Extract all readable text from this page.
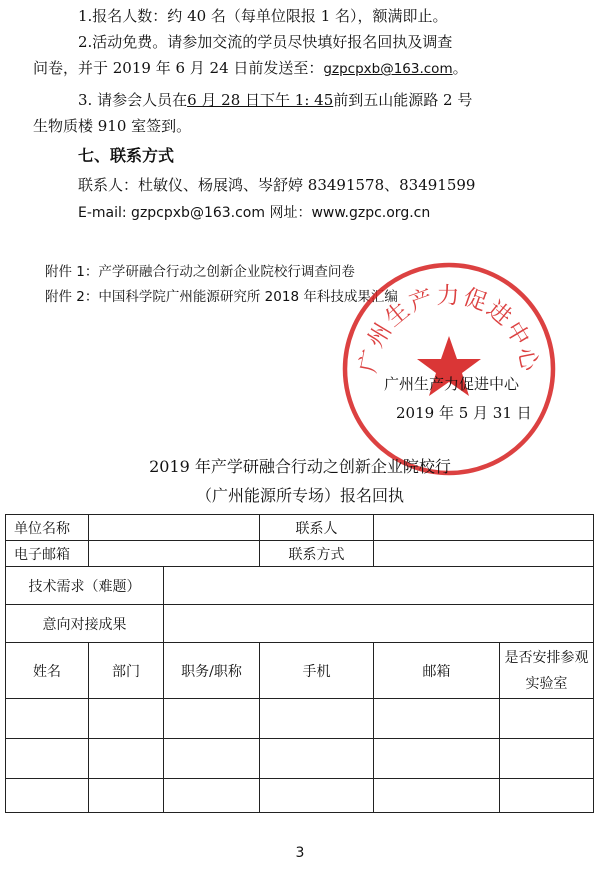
1.报名人数：约 40 名（每单位限报 1 名），额满即止。
2.活动免费。请参加交流的学员尽快填好报名回执及调查
问卷，并于 2019 年 6 月 24 日前发送至：gzpcpxb@163.com。
3. 请参会人员在6 月 28 日下午 1: 45前到五山能源路 2 号
生物质楼 910 室签到。
七、联系方式
联系人：杜敏仪、杨展鸿、岑舒婷 83491578、83491599
E-mail: gzpcpxb@163.com 网址：www.gzpc.org.cn
附件 1：产学研融合行动之创新企业院校行调查问卷
附件 2：中国科学院广州能源研究所 2018 年科技成果汇编
广州生产力促进中心
广州生产力促进中心
2019 年 5 月 31 日
2019 年产学研融合行动之创新企业院校行
（广州能源所专场）报名回执
单位名称			联系人		
电子邮箱			联系方式		
技术需求（难题）					
意向对接成果					
姓名	部门	职务/职称	手机	邮箱	是否安排参观实验室

3
